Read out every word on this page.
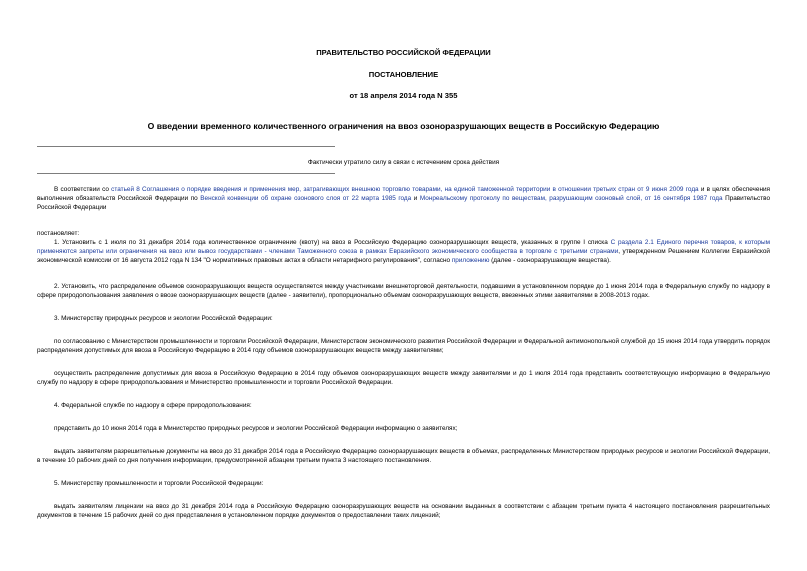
ПРАВИТЕЛЬСТВО РОССИЙСКОЙ ФЕДЕРАЦИИ
ПОСТАНОВЛЕНИЕ
от 18 апреля 2014 года N 355
О введении временного количественного ограничения на ввоз озоноразрушающих веществ в Российскую Федерацию
Фактически утратило силу в связи с истечением срока действия

В соответствии со статьей 8 Соглашения о порядке введения и применения мер, затрагивающих внешнюю торговлю товарами, на единой таможенной территории в отношении третьих стран от 9 июня 2009 года и в целях обеспечения выполнения обязательств Российской Федерации по Венской конвенции об охране озонового слоя от 22 марта 1985 года и Монреальскому протоколу по веществам, разрушающим озоновый слой, от 16 сентября 1987 года Правительство Российской Федерации

постановляет:

1. Установить с 1 июля по 31 декабря 2014 года количественное ограничение (квоту) на ввоз в Российскую Федерацию озоноразрушающих веществ, указанных в группе I списка C раздела 2.1 Единого перечня товаров, к которым применяются запреты или ограничения на ввоз или вывоз государствами - членами Таможенного союза в рамках Евразийского экономического сообщества в торговле с третьими странами, утвержденном Решением Коллегии Евразийской экономической комиссии от 16 августа 2012 года N 134 "О нормативных правовых актах в области нетарифного регулирования", согласно приложению (далее - озоноразрушающие вещества).

2. Установить, что распределение объемов озоноразрушающих веществ осуществляется между участниками внешнеторговой деятельности, подавшими в установленном порядке до 1 июня 2014 года в Федеральную службу по надзору в сфере природопользования заявления о ввозе озоноразрушающих веществ (далее - заявители), пропорционально объемам озоноразрушающих веществ, ввезенных этими заявителями в 2008-2013 годах.

3. Министерству природных ресурсов и экологии Российской Федерации:

по согласованию с Министерством промышленности и торговли Российской Федерации, Министерством экономического развития Российской Федерации и Федеральной антимонопольной службой до 15 июня 2014 года утвердить порядок распределения допустимых для ввоза в Российскую Федерацию в 2014 году объемов озоноразрушающих веществ между заявителями;

осуществить распределение допустимых для ввоза в Российскую Федерацию в 2014 году объемов озоноразрушающих веществ между заявителями и до 1 июля 2014 года представить соответствующую информацию в Федеральную службу по надзору в сфере природопользования и Министерство промышленности и торговли Российской Федерации.

4. Федеральной службе по надзору в сфере природопользования:

представить до 10 июня 2014 года в Министерство природных ресурсов и экологии Российской Федерации информацию о заявителях;

выдать заявителям разрешительные документы на ввоз до 31 декабря 2014 года в Российскую Федерацию озоноразрушающих веществ в объемах, распределенных Министерством природных ресурсов и экологии Российской Федерации, в течение 10 рабочих дней со дня получения информации, предусмотренной абзацем третьим пункта 3 настоящего постановления.

5. Министерству промышленности и торговли Российской Федерации:

выдать заявителям лицензии на ввоз до 31 декабря 2014 года в Российскую Федерацию озоноразрушающих веществ на основании выданных в соответствии с абзацем третьим пункта 4 настоящего постановления разрешительных документов в течение 15 рабочих дней со дня представления в установленном порядке документов о предоставлении таких лицензий;
